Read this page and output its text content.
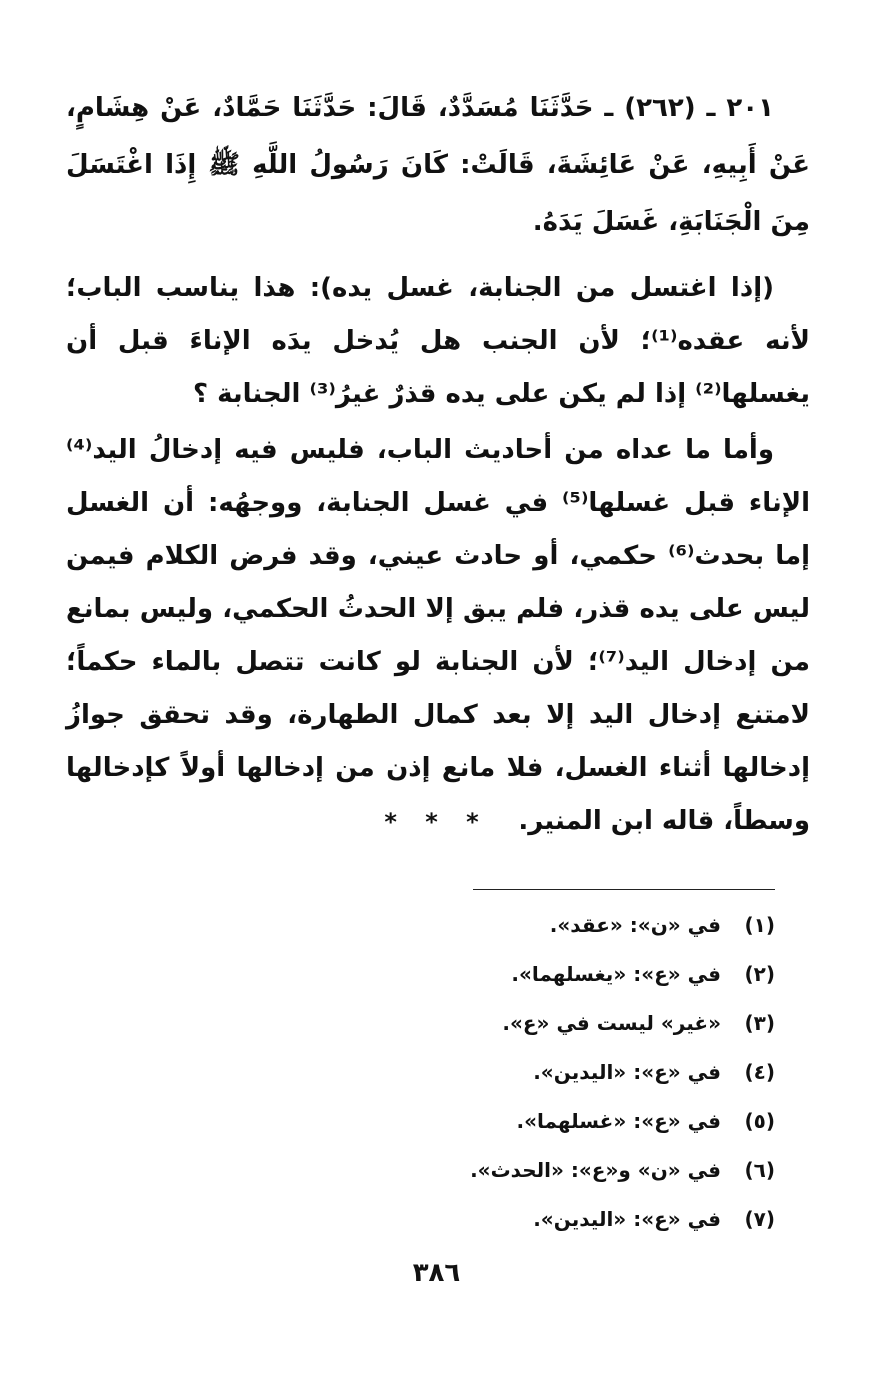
٢٠١ ـ (٢٦٢) ـ حَدَّثَنَا مُسَدَّدٌ، قَالَ: حَدَّثَنَا حَمَّادٌ، عَنْ هِشَامٍ، عَنْ أَبِيهِ، عَنْ عَائِشَةَ، قَالَتْ: كَانَ رَسُولُ اللَّهِ ﷺ إِذَا اغْتَسَلَ مِنَ الْجَنَابَةِ، غَسَلَ يَدَهُ.

(إذا اغتسل من الجنابة، غسل يده): هذا يناسب الباب؛ لأنه عقده⁽¹⁾؛ لأن الجنب هل يُدخل يدَه الإناءَ قبل أن يغسلها⁽²⁾ إذا لم يكن على يده قذرٌ غيرُ⁽³⁾ الجنابة ؟

وأما ما عداه من أحاديث الباب، فليس فيه إدخالُ اليد⁽⁴⁾ الإناء قبل غسلها⁽⁵⁾ في غسل الجنابة، ووجهُه: أن الغسل إما بحدث⁽⁶⁾ حكمي، أو حادث عيني، وقد فرض الكلام فيمن ليس على يده قذر، فلم يبق إلا الحدثُ الحكمي، وليس بمانع من إدخال اليد⁽⁷⁾؛ لأن الجنابة لو كانت تتصل بالماء حكماً؛ لامتنع إدخال اليد إلا بعد كمال الطهارة، وقد تحقق جوازُ إدخالها أثناء الغسل، فلا مانع إذن من إدخالها أولاً كإدخالها وسطاً، قاله ابن المنير.

* * *
(١)في «ن»: «عقد».
(٢)في «ع»: «يغسلهما».
(٣)«غير» ليست في «ع».
(٤)في «ع»: «اليدين».
(٥)في «ع»: «غسلهما».
(٦)في «ن» و«ع»: «الحدث».
(٧)في «ع»: «اليدين».
٣٨٦
